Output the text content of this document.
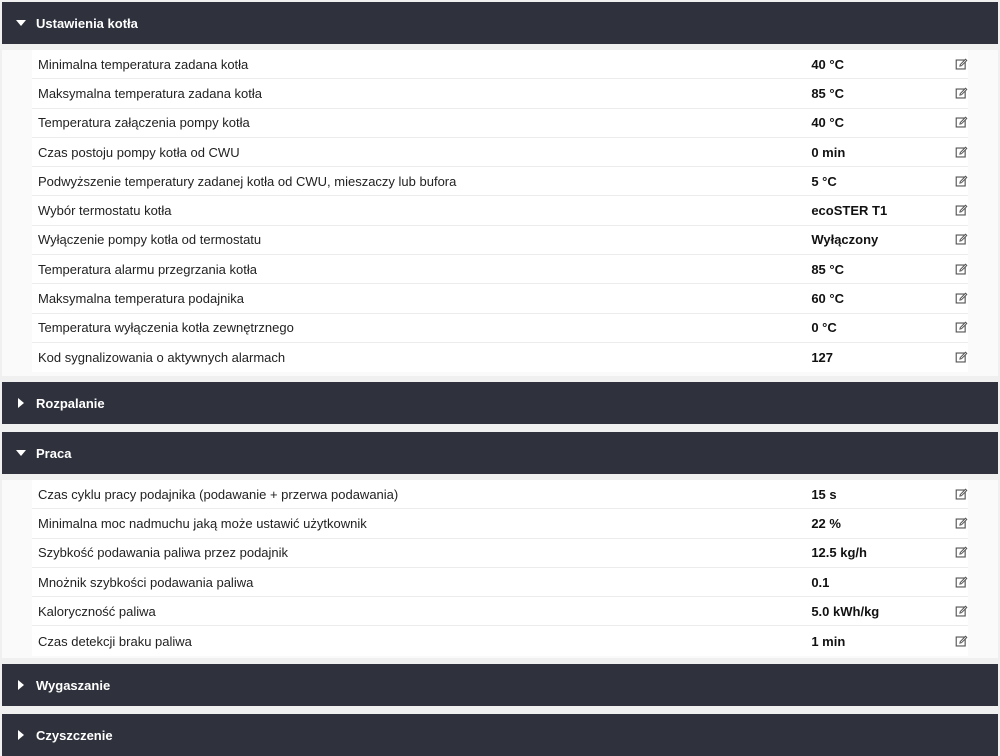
Ustawienia kotła
Minimalna temperatura zadana kotła	40 °C
Maksymalna temperatura zadana kotła	85 °C
Temperatura załączenia pompy kotła	40 °C
Czas postoju pompy kotła od CWU	0 min
Podwyższenie temperatury zadanej kotła od CWU, mieszaczy lub bufora	5 °C
Wybór termostatu kotła	ecoSTER T1
Wyłączenie pompy kotła od termostatu	Wyłączony
Temperatura alarmu przegrzania kotła	85 °C
Maksymalna temperatura podajnika	60 °C
Temperatura wyłączenia kotła zewnętrznego	0 °C
Kod sygnalizowania o aktywnych alarmach	127
Rozpalanie
Praca
Czas cyklu pracy podajnika (podawanie + przerwa podawania)	15 s
Minimalna moc nadmuchu jaką może ustawić użytkownik	22 %
Szybkość podawania paliwa przez podajnik	12.5 kg/h
Mnożnik szybkości podawania paliwa	0.1
Kaloryczność paliwa	5.0 kWh/kg
Czas detekcji braku paliwa	1 min
Wygaszanie
Czyszczenie
